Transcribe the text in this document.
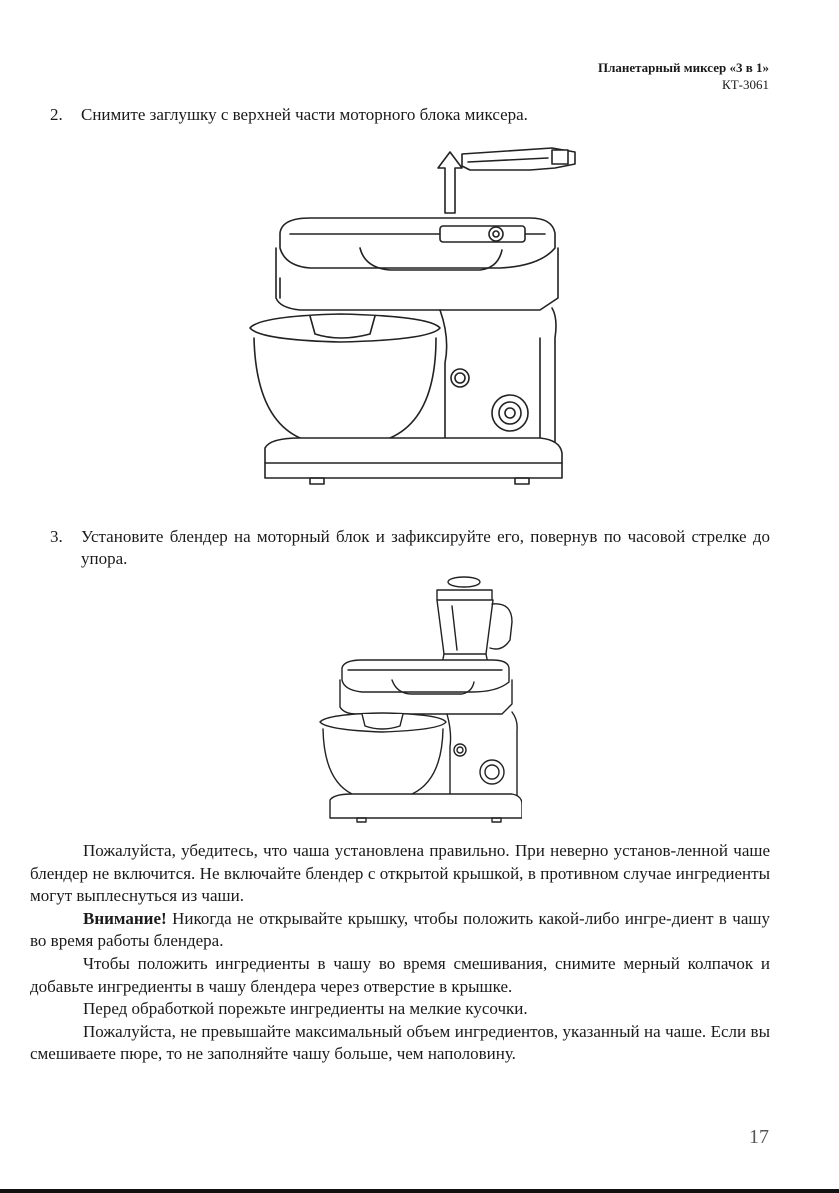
Планетарный миксер «3 в 1»
КТ-3061
2. Снимите заглушку с верхней части моторного блока миксера.
3. Установите блендер на моторный блок и зафиксируйте его, повернув по часовой стрелке до упора.

Пожалуйста, убедитесь, что чаша установлена правильно. При неверно установ-ленной чаше блендер не включится. Не включайте блендер с открытой крышкой, в противном случае ингредиенты могут выплеснуться из чаши.

Внимание! Никогда не открывайте крышку, чтобы положить какой-либо ингре-диент в чашу во время работы блендера.

Чтобы положить ингредиенты в чашу во время смешивания, снимите мерный колпачок и добавьте ингредиенты в чашу блендера через отверстие в крышке.

Перед обработкой порежьте ингредиенты на мелкие кусочки.

Пожалуйста, не превышайте максимальный объем ингредиентов, указанный на чаше. Если вы смешиваете пюре, то не заполняйте чашу больше, чем наполовину.

17
